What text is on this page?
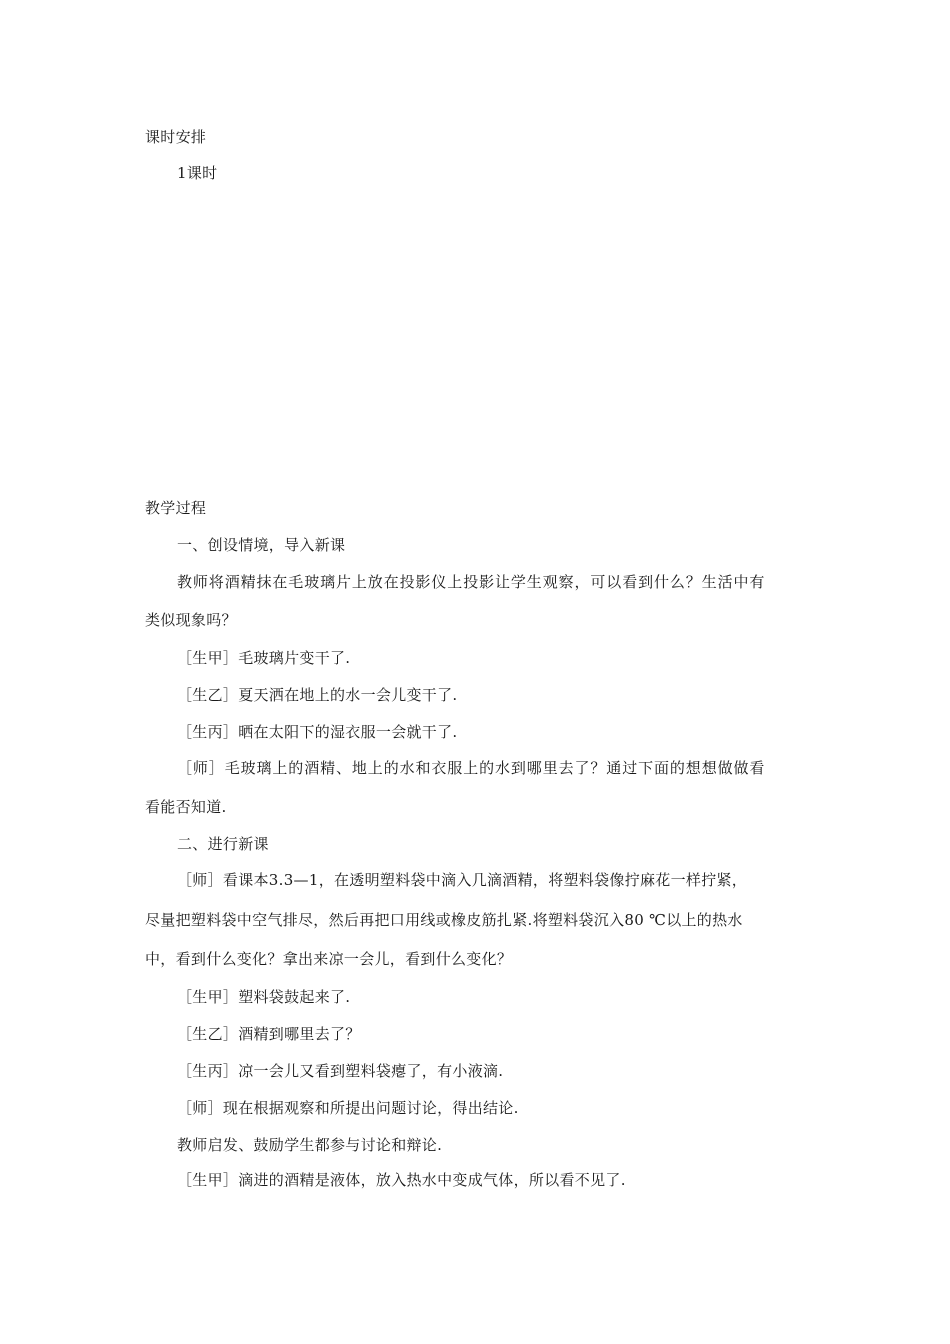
课时安排
1课时
教学过程
一、创设情境，导入新课
教师将酒精抹在毛玻璃片上放在投影仪上投影让学生观察，可以看到什么？生活中有
类似现象吗？
［生甲］毛玻璃片变干了.
［生乙］夏天洒在地上的水一会儿变干了.
［生丙］晒在太阳下的湿衣服一会就干了.
［师］毛玻璃上的酒精、地上的水和衣服上的水到哪里去了？通过下面的想想做做看
看能否知道.
二、进行新课
［师］看课本3.3—1，在透明塑料袋中滴入几滴酒精，将塑料袋像拧麻花一样拧紧，
尽量把塑料袋中空气排尽，然后再把口用线或橡皮筋扎紧.将塑料袋沉入80 ℃以上的热水
中，看到什么变化？拿出来凉一会儿，看到什么变化？
［生甲］塑料袋鼓起来了.
［生乙］酒精到哪里去了？
［生丙］凉一会儿又看到塑料袋瘪了，有小液滴.
［师］现在根据观察和所提出问题讨论，得出结论.
教师启发、鼓励学生都参与讨论和辩论.
［生甲］滴进的酒精是液体，放入热水中变成气体，所以看不见了.
